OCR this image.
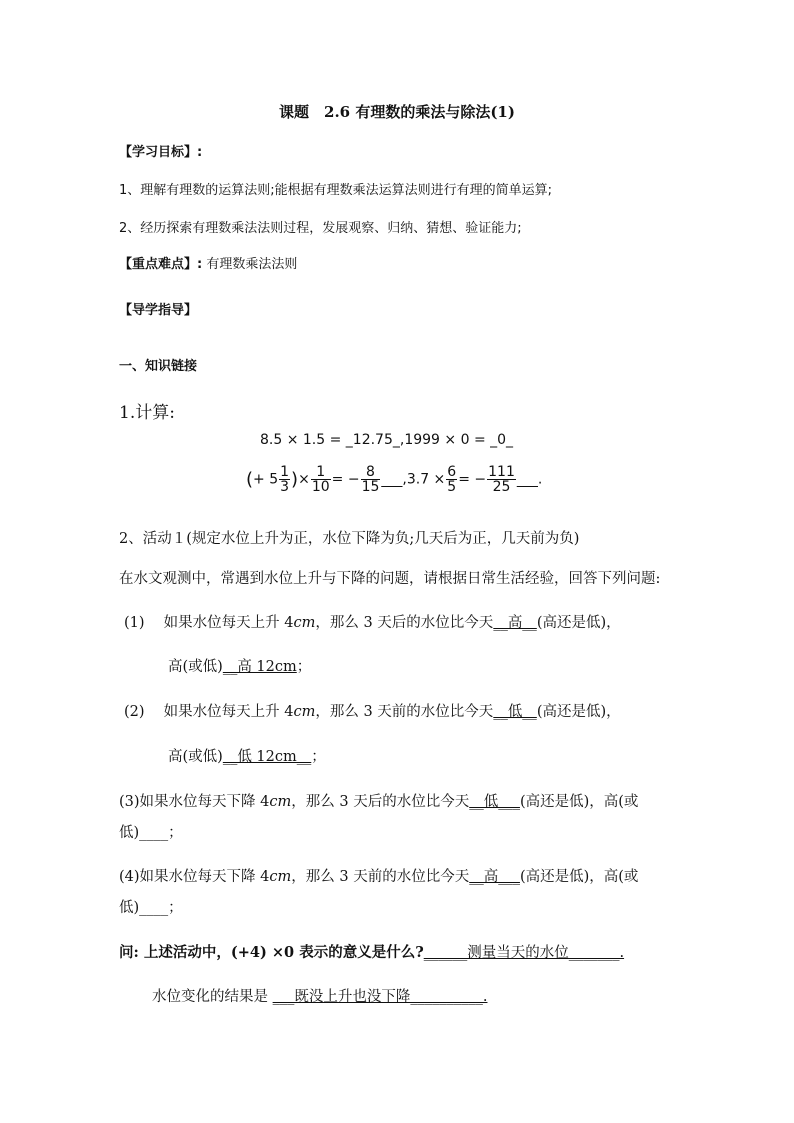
课题　2.6 有理数的乘法与除法(1)
【学习目标】:
1、理解有理数的运算法则;能根据有理数乘法运算法则进行有理的简单运算;
2、经历探索有理数乘法法则过程，发展观察、归纳、猜想、验证能力;
【重点难点】: 有理数乘法法则
【导学指导】
一、知识链接
1.计算:
8.5 × 1.5 = _12.75_,1999 × 0 = _0_
(+ $5 \frac{1}{3}$ )× $\frac{1}{10}$ = − $\frac{8}{15}$ ___,3.7 × $\frac{6}{5}$ = − $\frac{111}{25}$ ___.
2、活动１(规定水位上升为正，水位下降为负;几天后为正，几天前为负)
在水文观测中，常遇到水位上升与下降的问题，请根据日常生活经验，回答下列问题:
(1)　 如果水位每天上升 4cm，那么 3 天后的水位比今天__高__(高还是低)，
高(或低)__高 12cm；
(2)　 如果水位每天上升 4cm，那么 3 天前的水位比今天__低__(高还是低)，
高(或低)__低 12cm__；
(3)如果水位每天下降 4cm，那么 3 天后的水位比今天__低___(高还是低)，高(或
低)____；
(4)如果水位每天下降 4cm，那么 3 天前的水位比今天__高___(高还是低)，高(或
低)____；
问: 上述活动中，(+4) ×0 表示的意义是什么?______测量当天的水位_______.
水位变化的结果是 ___既没上升也没下降__________.
